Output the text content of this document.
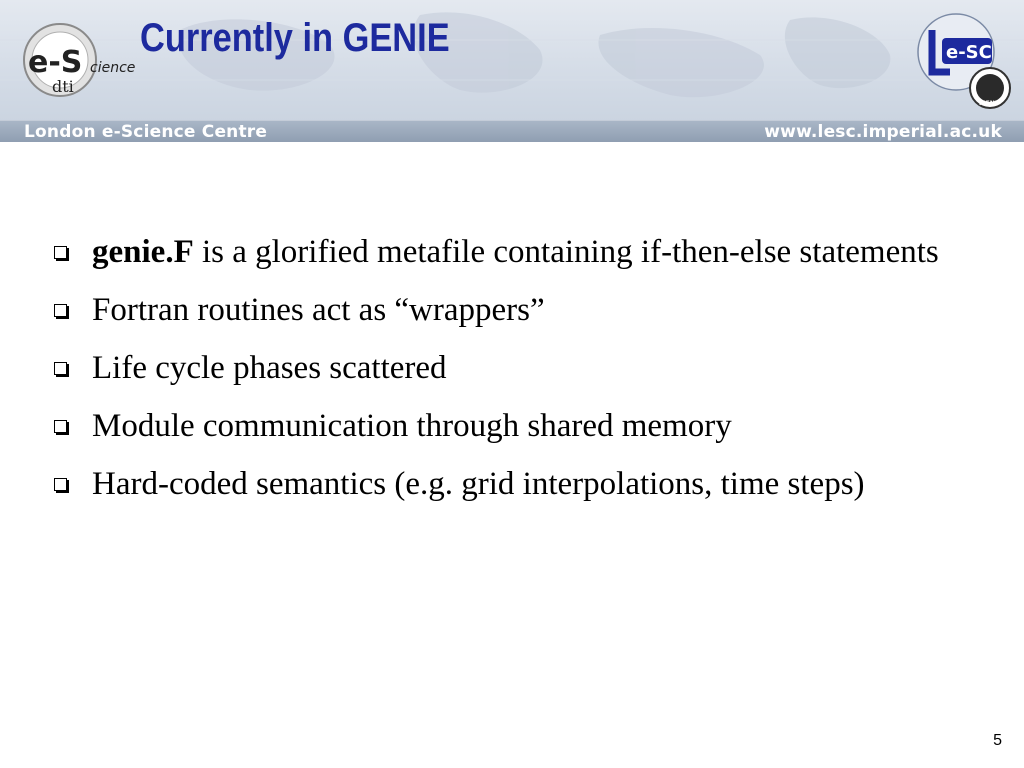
e-S cience
dti
Currently in GENIE	e-SC
ICENI
London e-Science Centre	www.lesc.imperial.ac.uk
genie.F is a glorified metafile containing if-then-else statements
Fortran routines act as “wrappers”
Life cycle phases scattered
Module communication through shared memory
Hard-coded semantics (e.g. grid interpolations, time steps)
5
